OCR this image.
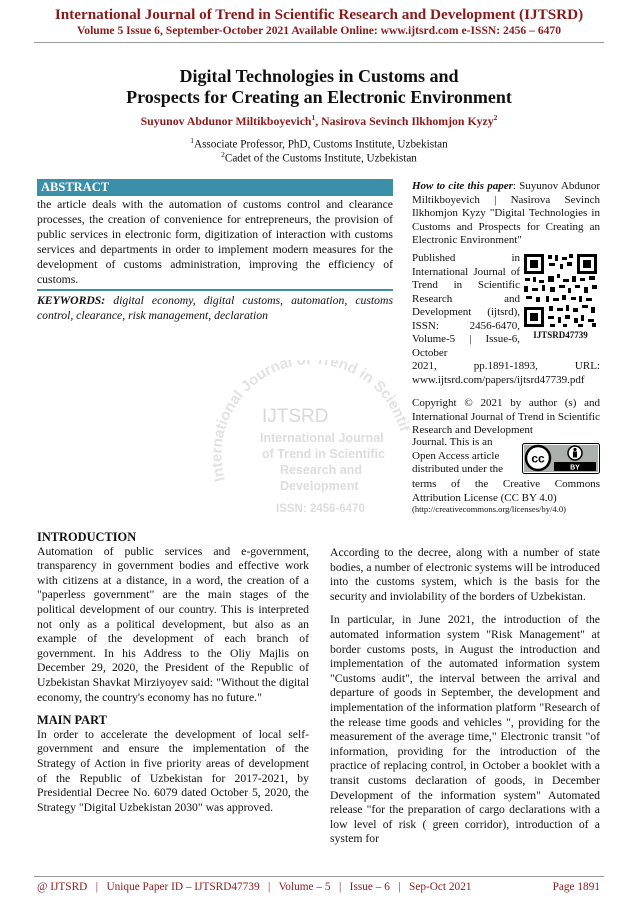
International Journal of Trend in Scientific Research and Development (IJTSRD)
Volume 5 Issue 6, September-October 2021 Available Online: www.ijtsrd.com e-ISSN: 2456 – 6470
Digital Technologies in Customs and
Prospects for Creating an Electronic Environment
Suyunov Abdunor Miltikboyevich$^1$, Nasirova Sevinch Ilkhomjon Kyzy$^2$
$^1$Associate Professor, PhD, Customs Institute, Uzbekistan
$^2$Cadet of the Customs Institute, Uzbekistan
ABSTRACT
the article deals with the automation of customs control and clearance processes, the creation of convenience for entrepreneurs, the provision of public services in electronic form, digitization of interaction with customs services and departments in order to implement modern measures for the development of customs administration, improving the efficiency of customs.
KEYWORDS: digital economy, digital customs, automation, customs control, clearance, risk management, declaration
How to cite this paper: Suyunov Abdunor Miltikboyevich | Nasirova Sevinch Ilkhomjon Kyzy "Digital Technologies in Customs and Prospects for Creating an Electronic Environment"
Published in International Journal of Trend in Scientific Research and Development (ijtsrd), ISSN: 2456-6470, Volume-5 | Issue-6, October
IJTSRD47739
2021, pp.1891-1893, URL: www.ijtsrd.com/papers/ijtsrd47739.pdf
Copyright © 2021 by author (s) and International Journal of Trend in Scientific Research and Development
Journal. This is an Open Access article distributed under the
cc
BY
terms of the Creative Commons Attribution License (CC BY 4.0)
(http://creativecommons.org/licenses/by/4.0)
International Journal o rend in Scienti
IJTSRD
International Journal
of Trend in Scientific
Research and
Development
ISSN: 2456-6470
INTRODUCTION

Automation of public services and e-government, transparency in government bodies and effective work with citizens at a distance, in a word, the creation of a "paperless government" are the main stages of the political development of our country. This is interpreted not only as a political development, but also as an example of the development of each branch of government. In his Address to the Oliy Majlis on December 29, 2020, the President of the Republic of Uzbekistan Shavkat Mirziyoyev said: "Without the digital economy, the country's economy has no future."

MAIN PART

In order to accelerate the development of local self-government and ensure the implementation of the Strategy of Action in five priority areas of development of the Republic of Uzbekistan for 2017-2021, by Presidential Decree No. 6079 dated October 5, 2020, the Strategy "Digital Uzbekistan 2030" was approved.

According to the decree, along with a number of state bodies, a number of electronic systems will be introduced into the customs system, which is the basis for the security and inviolability of the borders of Uzbekistan.

In particular, in June 2021, the introduction of the automated information system "Risk Management" at border customs posts, in August the introduction and implementation of the automated information system "Customs audit", the interval between the arrival and departure of goods in September, the development and implementation of the information platform "Research of the release time goods and vehicles ", providing for the measurement of the average time," Electronic transit "of information, providing for the introduction of the practice of replacing control, in October a booklet with a transit customs declaration of goods, in December Development of the information system" Automated release "for the preparation of cargo declarations with a low level of risk ( green corridor), introduction of a system for

@ IJTSRD   |   Unique Paper ID – IJTSRD47739   |   Volume – 5   |   Issue – 6   |   Sep-Oct 2021	Page 1891
